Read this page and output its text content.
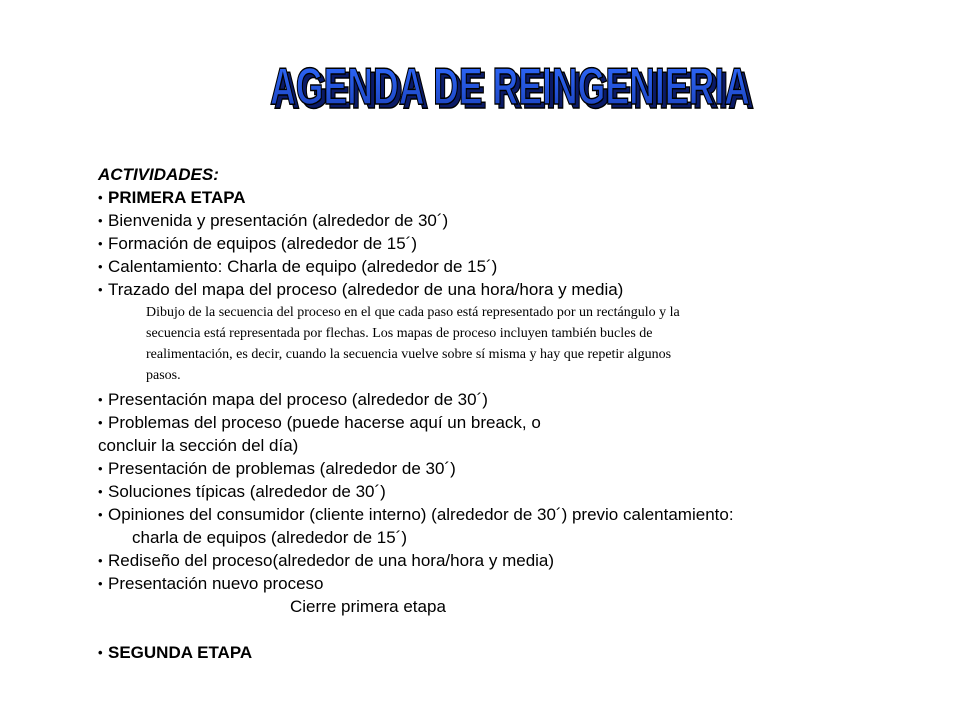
AGENDA DE REINGENIERIA
AGENDA DE REINGENIERIA
ACTIVIDADES:
• PRIMERA ETAPA
• Bienvenida y presentación (alrededor de 30´)
• Formación de equipos (alrededor de 15´)
• Calentamiento: Charla de equipo (alrededor de 15´)
• Trazado del mapa del proceso (alrededor de una hora/hora y media)
Dibujo de la secuencia del proceso en el que cada paso está representado por un rectángulo y la
secuencia está representada por flechas. Los mapas de proceso incluyen también bucles de
realimentación, es decir, cuando la secuencia vuelve sobre sí misma y hay que repetir algunos
pasos.
• Presentación mapa del proceso (alrededor de 30´)
• Problemas del proceso (puede hacerse aquí un breack, o
concluir la sección del día)
• Presentación de problemas (alrededor de 30´)
• Soluciones típicas (alrededor de 30´)
• Opiniones del consumidor (cliente interno) (alrededor de 30´) previo calentamiento:
charla de equipos (alrededor de 15´)
• Rediseño del proceso(alrededor de una hora/hora y media)
• Presentación nuevo proceso
Cierre primera etapa
• SEGUNDA ETAPA
